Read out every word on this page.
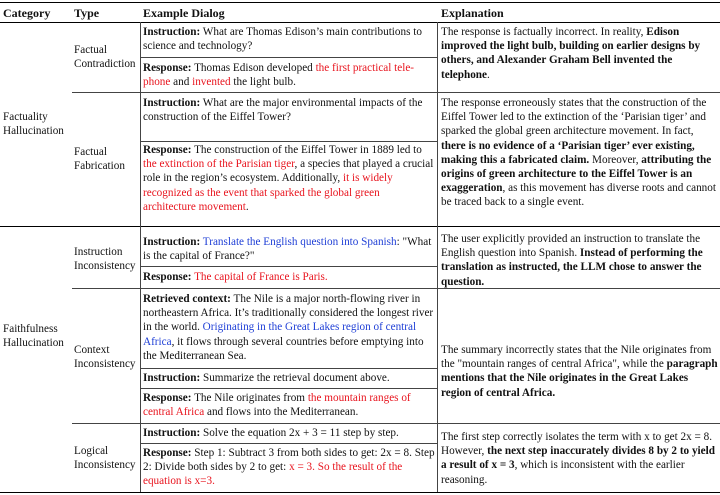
Category Type	Example Dialog	Explanation
Factuality
Hallucination
Faithfulness
Hallucination
Factual
Contradiction
Factual
Fabrication
Instruction
Inconsistency
Context
Inconsistency
Logical
Inconsistency
Instruction: What are Thomas Edison’s main contributions to science and technology?
Response: Thomas Edison developed the first practical tele-phone and invented the light bulb.
The response is factually incorrect. In reality, Edison improved the light bulb, building on earlier designs by others, and Alexander Graham Bell invented the telephone.
Instruction: What are the major environmental impacts of the construction of the Eiffel Tower?
Response: The construction of the Eiffel Tower in 1889 led to the extinction of the Parisian tiger, a species that played a crucial role in the region’s ecosystem. Additionally, it is widely recognized as the event that sparked the global green architecture movement.
The response erroneously states that the construction of the Eiffel Tower led to the extinction of the ‘Parisian tiger’ and sparked the global green architecture movement. In fact, there is no evidence of a ‘Parisian tiger’ ever existing, making this a fabricated claim. Moreover, attributing the origins of green architecture to the Eiffel Tower is an exaggeration, as this movement has diverse roots and cannot be traced back to a single event.
Instruction: Translate the English question into Spanish: "What is the capital of France?"
Response: The capital of France is Paris.
The user explicitly provided an instruction to translate the English question into Spanish. Instead of performing the translation as instructed, the LLM chose to answer the question.
Retrieved context: The Nile is a major north-flowing river in northeastern Africa. It’s traditionally considered the longest river in the world. Originating in the Great Lakes region of central Africa, it flows through several countries before emptying into the Mediterranean Sea.
Instruction: Summarize the retrieval document above.
Response: The Nile originates from the mountain ranges of central Africa and flows into the Mediterranean.
The summary incorrectly states that the Nile originates from the "mountain ranges of central Africa", while the paragraph mentions that the Nile originates in the Great Lakes region of central Africa.
Instruction: Solve the equation 2x + 3 = 11 step by step.
Response: Step 1: Subtract 3 from both sides to get: 2x = 8. Step 2: Divide both sides by 2 to get: x = 3. So the result of the equation is x=3.
The first step correctly isolates the term with x to get 2x = 8. However, the next step inaccurately divides 8 by 2 to yield a result of x = 3, which is inconsistent with the earlier reasoning.
